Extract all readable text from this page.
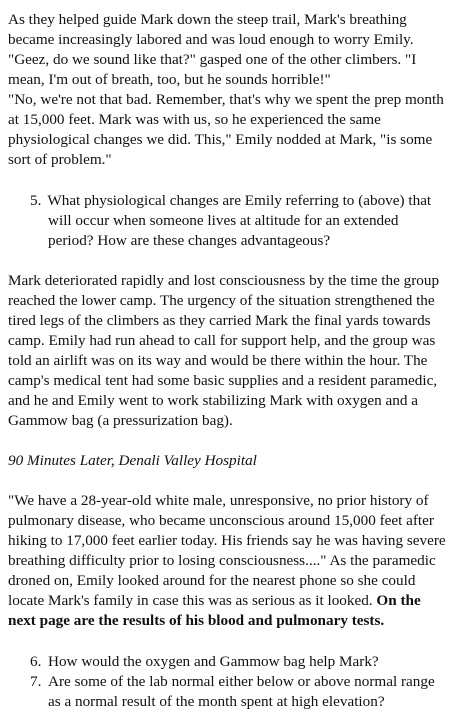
As they helped guide Mark down the steep trail, Mark's breathing became increasingly labored and was loud enough to worry Emily. "Geez, do we sound like that?" gasped one of the other climbers. "I mean, I'm out of breath, too, but he sounds horrible!"

"No, we're not that bad. Remember, that's why we spent the prep month at 15,000 feet. Mark was with us, so he experienced the same physiological changes we did. This," Emily nodded at Mark, "is some sort of problem."

5. What physiological changes are Emily referring to (above) that will occur when someone lives at altitude for an extended period? How are these changes advantageous?

Mark deteriorated rapidly and lost consciousness by the time the group reached the lower camp. The urgency of the situation strengthened the tired legs of the climbers as they carried Mark the final yards towards camp. Emily had run ahead to call for support help, and the group was told an airlift was on its way and would be there within the hour. The camp's medical tent had some basic supplies and a resident paramedic, and he and Emily went to work stabilizing Mark with oxygen and a Gammow bag (a pressurization bag).

90 Minutes Later, Denali Valley Hospital

"We have a 28-year-old white male, unresponsive, no prior history of pulmonary disease, who became unconscious around 15,000 feet after hiking to 17,000 feet earlier today. His friends say he was having severe breathing difficulty prior to losing consciousness...." As the paramedic droned on, Emily looked around for the nearest phone so she could locate Mark's family in case this was as serious as it looked. On the next page are the results of his blood and pulmonary tests.

6. How would the oxygen and Gammow bag help Mark?
7. Are some of the lab normal either below or above normal range as a normal result of the month spent at high elevation?
